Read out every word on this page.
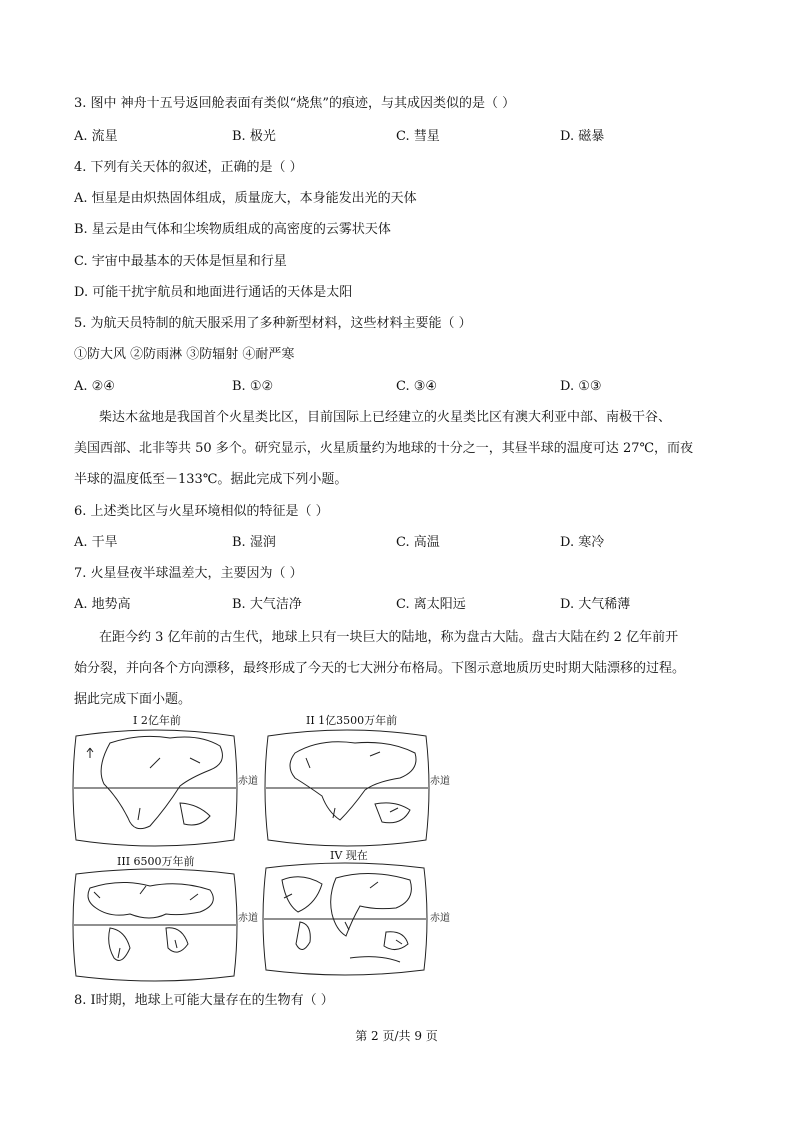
3. 图中 神舟十五号返回舱表面有类似“烧焦”的痕迹，与其成因类似的是（ ）
A. 流星	B. 极光	C. 彗星	D. 磁暴
4. 下列有关天体的叙述，正确的是（ ）
A. 恒星是由炽热固体组成，质量庞大，本身能发出光的天体
B. 星云是由气体和尘埃物质组成的高密度的云雾状天体
C. 宇宙中最基本的天体是恒星和行星
D. 可能干扰宇航员和地面进行通话的天体是太阳
5. 为航天员特制的航天服采用了多种新型材料，这些材料主要能（ ）
①防大风 ②防雨淋 ③防辐射 ④耐严寒
A. ②④	B. ①②	C. ③④	D. ①③
柴达木盆地是我国首个火星类比区，目前国际上已经建立的火星类比区有澳大利亚中部、南极干谷、
美国西部、北非等共 50 多个。研究显示，火星质量约为地球的十分之一，其昼半球的温度可达 27℃，而夜
半球的温度低至－133℃。据此完成下列小题。
6. 上述类比区与火星环境相似的特征是（ ）
A. 干旱	B. 湿润	C. 高温	D. 寒冷
7. 火星昼夜半球温差大，主要因为（ ）
A. 地势高	B. 大气洁净	C. 离太阳远	D. 大气稀薄
在距今约 3 亿年前的古生代，地球上只有一块巨大的陆地，称为盘古大陆。盘古大陆在约 2 亿年前开
始分裂，并向各个方向漂移，最终形成了今天的七大洲分布格局。下图示意地质历史时期大陆漂移的过程。
据此完成下面小题。
I 2亿年前	II 1亿3500万年前
III 6500万年前	IV 现在
赤道	赤道
赤道	赤道
8. Ⅰ时期，地球上可能大量存在的生物有（ ）
第 2 页/共 9 页
